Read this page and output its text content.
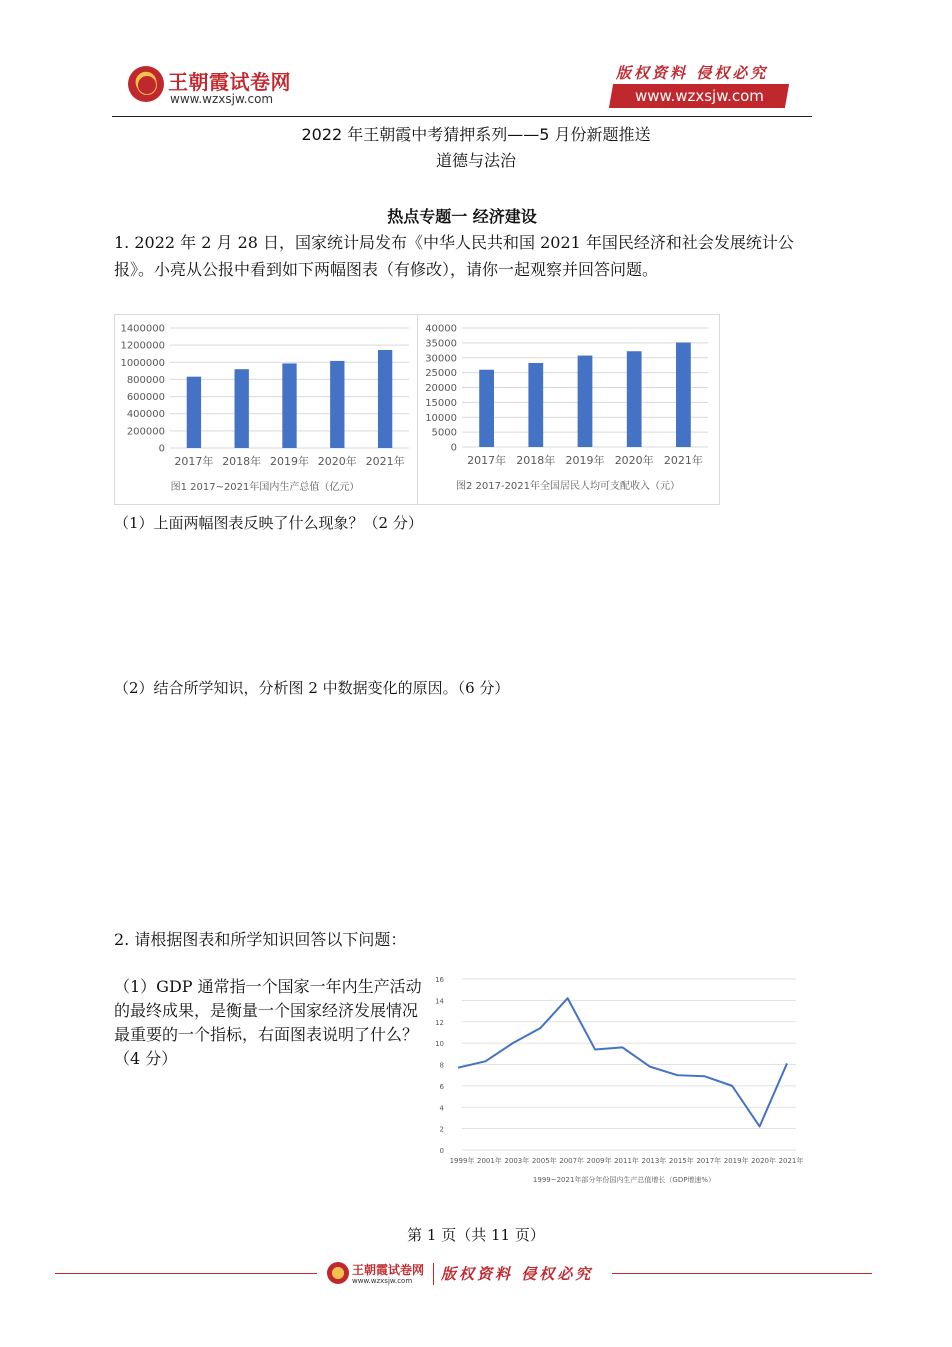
王朝霞试卷网
www.wzxsjw.com
版权资料 侵权必究
www.wzxsjw.com
2022 年王朝霞中考猜押系列——5 月份新题推送
道德与法治
热点专题一 经济建设
1. 2022 年 2 月 28 日，国家统计局发布《中华人民共和国 2021 年国民经济和社会发展统计公报》。小亮从公报中看到如下两幅图表（有修改），请你一起观察并回答问题。
0
200000
400000
600000
800000
1000000
1200000
1400000
2017年 2018年 2019年 2020年 2021年
图1 2017~2021年国内生产总值（亿元）
0
5000
10000
15000
20000
25000
30000
35000
40000
2017年 2018年 2019年 2020年 2021年
图2 2017-2021年全国居民人均可支配收入（元）
（1）上面两幅图表反映了什么现象？（2 分）
（2）结合所学知识，分析图 2 中数据变化的原因。（6 分）
2. 请根据图表和所学知识回答以下问题：
（1）GDP 通常指一个国家一年内生产活动的最终成果，是衡量一个国家经济发展情况最重要的一个指标，右面图表说明了什么？（4 分）
0
2
4
6
8
10
12
14
16
1999年 2001年 2003年 2005年 2007年 2009年 2011年 2013年 2015年 2017年 2019年 2020年 2021年
1999~2021年部分年份国内生产总值增长（GDP增速%）
第 1 页（共 11 页）
王朝霞试卷网
www.wzxsjw.com 版权资料 侵权必究
